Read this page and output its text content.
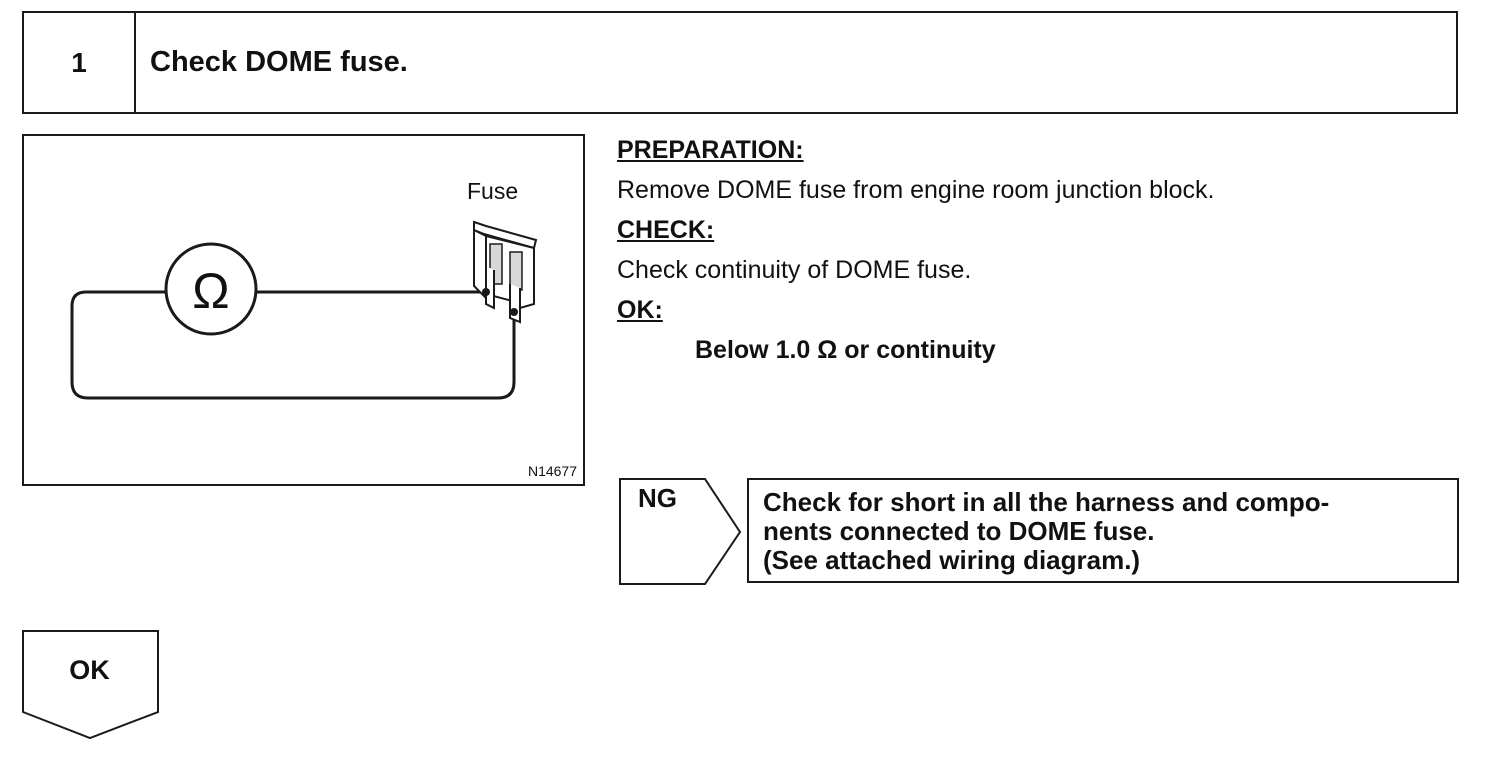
1	Check DOME fuse.
Ω
Fuse
N14677
PREPARATION:
Remove DOME fuse from engine room junction block.
CHECK:
Check continuity of DOME fuse.
OK:
Below 1.0 Ω or continuity
NG	Check for short in all the harness and compo-
nents connected to DOME fuse.
(See attached wiring diagram.)
OK
